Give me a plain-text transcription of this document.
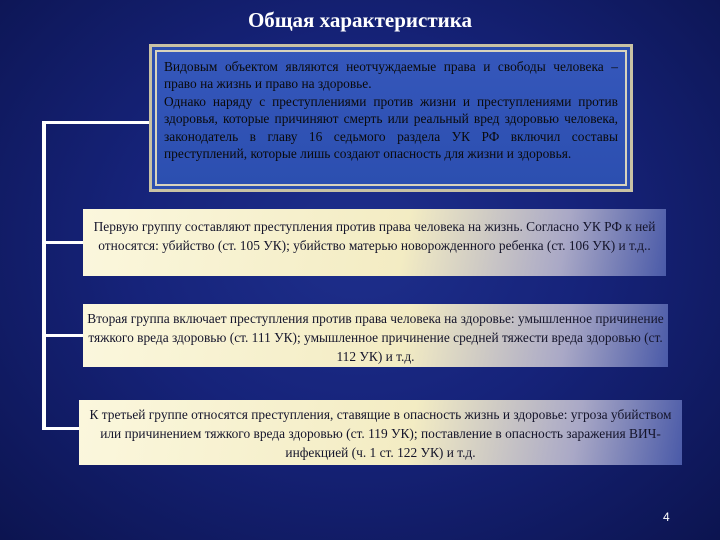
Общая характеристика

Видовым объектом являются неотчуждаемые права и свободы человека – право на жизнь и право на здоровье.

Однако наряду с преступлениями против жизни и преступлениями против здоровья, которые причиняют смерть или реальный вред здоровью человека, законодатель в главу 16 седьмого раздела УК РФ включил составы преступлений, которые лишь создают опасность для жизни и здоровья.

Первую группу составляют преступления против права человека на жизнь. Согласно УК РФ к ней относятся: убийство (ст. 105 УК); убийство матерью новорожденного ребенка (ст. 106 УК) и т.д..
Вторая группа включает преступления против права человека на здоровье: умышленное причинение тяжкого вреда здоровью (ст. 111 УК); умышленное причинение средней тяжести вреда здоровью (ст. 112 УК) и т.д.
К третьей группе относятся преступления, ставящие в опасность жизнь и здоровье: угроза убийством или причинением тяжкого вреда здоровью (ст. 119 УК); поставление в опасность заражения ВИЧ-инфекцией (ч. 1 ст. 122 УК) и т.д.
4
